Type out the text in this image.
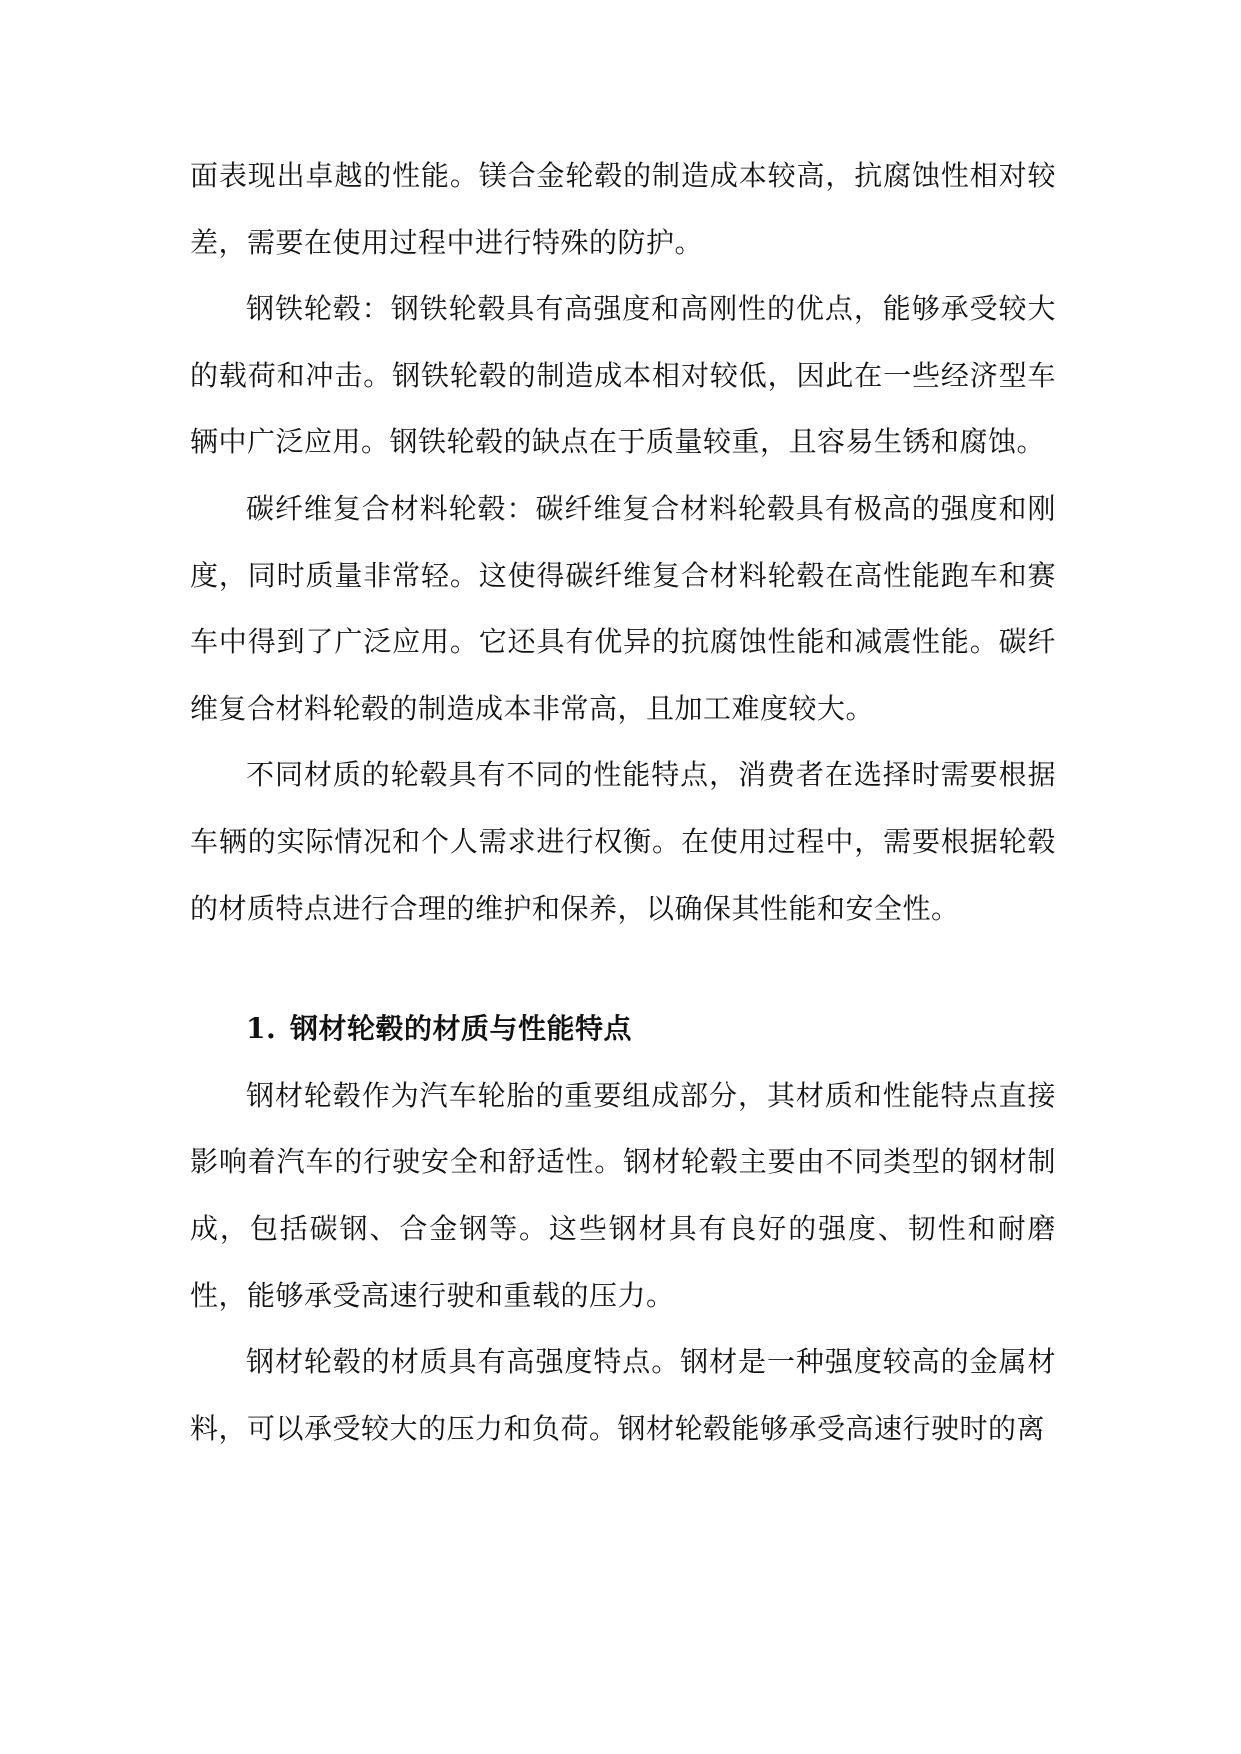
面表现出卓越的性能。镁合金轮毂的制造成本较高，抗腐蚀性相对较差，需要在使用过程中进行特殊的防护。

钢铁轮毂：钢铁轮毂具有高强度和高刚性的优点，能够承受较大的载荷和冲击。钢铁轮毂的制造成本相对较低，因此在一些经济型车辆中广泛应用。钢铁轮毂的缺点在于质量较重，且容易生锈和腐蚀。

碳纤维复合材料轮毂：碳纤维复合材料轮毂具有极高的强度和刚度，同时质量非常轻。这使得碳纤维复合材料轮毂在高性能跑车和赛车中得到了广泛应用。它还具有优异的抗腐蚀性能和减震性能。碳纤维复合材料轮毂的制造成本非常高，且加工难度较大。

不同材质的轮毂具有不同的性能特点，消费者在选择时需要根据车辆的实际情况和个人需求进行权衡。在使用过程中，需要根据轮毂的材质特点进行合理的维护和保养，以确保其性能和安全性。

1. 钢材轮毂的材质与性能特点

钢材轮毂作为汽车轮胎的重要组成部分，其材质和性能特点直接影响着汽车的行驶安全和舒适性。钢材轮毂主要由不同类型的钢材制成，包括碳钢、合金钢等。这些钢材具有良好的强度、韧性和耐磨性，能够承受高速行驶和重载的压力。

钢材轮毂的材质具有高强度特点。钢材是一种强度较高的金属材料，可以承受较大的压力和负荷。钢材轮毂能够承受高速行驶时的离
